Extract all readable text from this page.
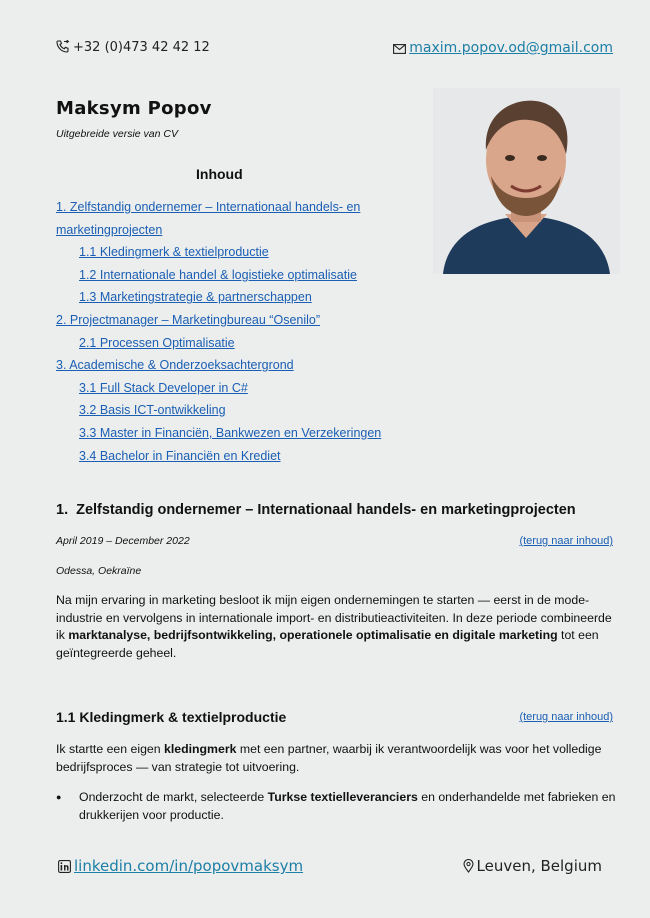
+32 (0)473 42 42 12	maxim.popov.od@gmail.com
Maksym Popov
Uitgebreide versie van CV
Inhoud
1. Zelfstandig ondernemer – Internationaal handels- en marketingprojecten
1.1 Kledingmerk & textielproductie
1.2 Internationale handel & logistieke optimalisatie
1.3 Marketingstrategie & partnerschappen
2. Projectmanager – Marketingbureau “Osenilo”
2.1 Processen Optimalisatie
3. Academische & Onderzoeksachtergrond
3.1 Full Stack Developer in C#
3.2 Basis ICT-ontwikkeling
3.3 Master in Financiën, Bankwezen en Verzekeringen
3.4 Bachelor in Financiën en Krediet
1. Zelfstandig ondernemer – Internationaal handels- en marketingprojecten
April 2019 – December 2022	(terug naar inhoud)
Odessa, Oekraïne
Na mijn ervaring in marketing besloot ik mijn eigen ondernemingen te starten — eerst in de mode-industrie en vervolgens in internationale import- en distributieactiviteiten. In deze periode combineerde ik marktanalyse, bedrijfsontwikkeling, operationele optimalisatie en digitale marketing tot een geïntegreerde geheel.
1.1 Kledingmerk & textielproductie	(terug naar inhoud)
Ik startte een eigen kledingmerk met een partner, waarbij ik verantwoordelijk was voor het volledige bedrijfsproces — van strategie tot uitvoering.
● Onderzocht de markt, selecteerde Turkse textielleveranciers en onderhandelde met fabrieken en drukkerijen voor productie.
linkedin.com/in/popovmaksym	Leuven, Belgium
